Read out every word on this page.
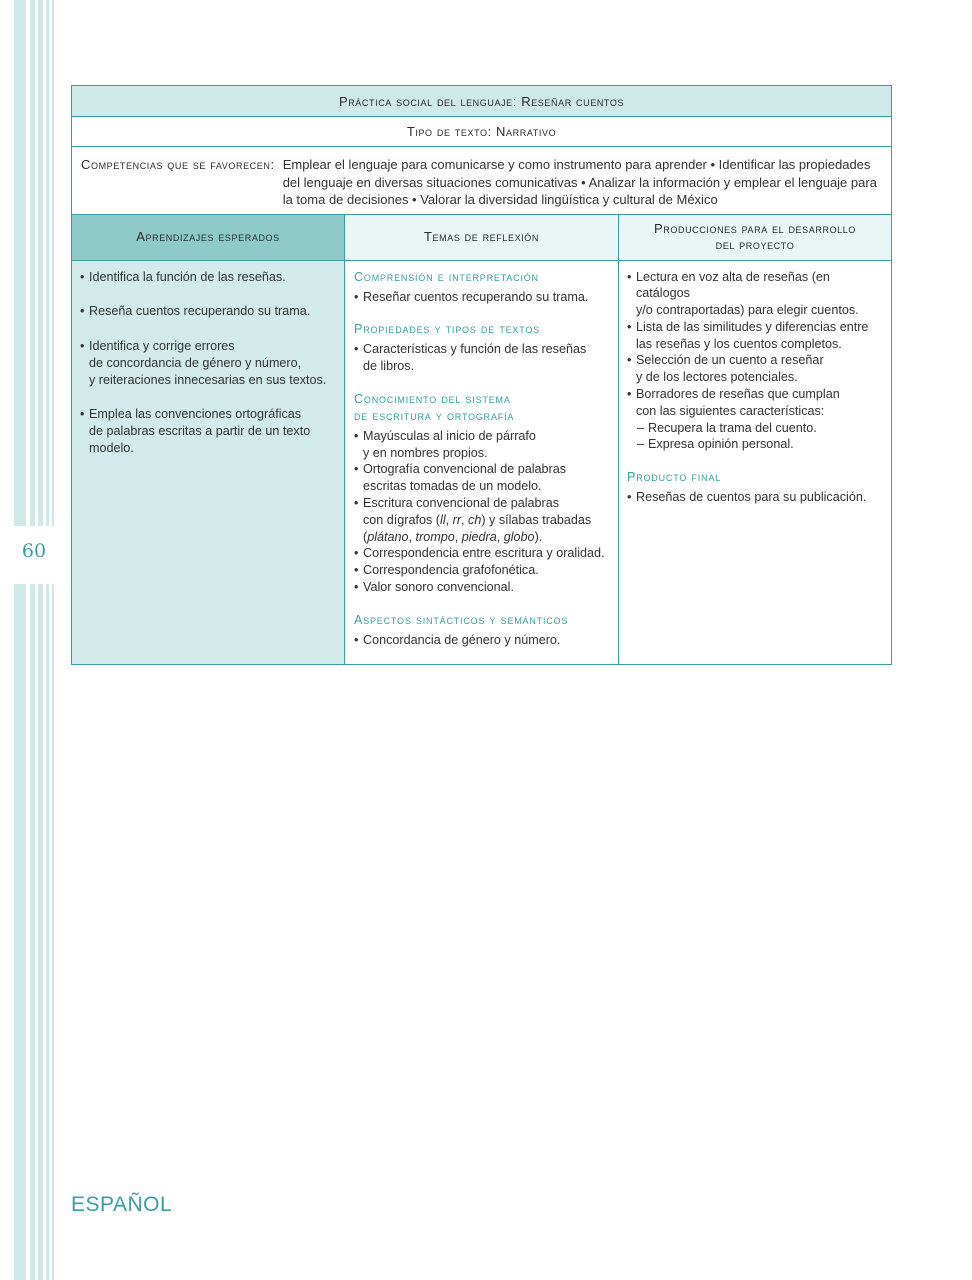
60
Práctica social del lenguaje: Reseñar cuentos
Tipo de texto: Narrativo
Competencias que se favorecen: Emplear el lenguaje para comunicarse y como instrumento para aprender • Identificar las propiedades del lenguaje en diversas situaciones comunicativas • Analizar la información y emplear el lenguaje para la toma de decisiones • Valorar la diversidad lingüística y cultural de México
Aprendizajes esperados	Temas de reflexión
Producciones para el desarrollo
del proyecto
• Identifica la función de las reseñas.
• Reseña cuentos recuperando su trama.
• Identifica y corrige errores
de concordancia de género y número,
y reiteraciones innecesarias en sus textos.
• Emplea las convenciones ortográficas
de palabras escritas a partir de un texto
modelo.
Comprensión e interpretación
• Reseñar cuentos recuperando su trama.
Propiedades y tipos de textos
• Características y función de las reseñas
de libros.
Conocimiento del sistema
de escritura y ortografía
• Mayúsculas al inicio de párrafo
y en nombres propios.
• Ortografía convencional de palabras
escritas tomadas de un modelo.
• Escritura convencional de palabras
con dígrafos (ll, rr, ch) y sílabas trabadas
(plátano, trompo, piedra, globo).
• Correspondencia entre escritura y oralidad.
• Correspondencia grafofonética.
• Valor sonoro convencional.
Aspectos sintácticos y semánticos
• Concordancia de género y número.
• Lectura en voz alta de reseñas (en catálogos
y/o contraportadas) para elegir cuentos.
• Lista de las similitudes y diferencias entre
las reseñas y los cuentos completos.
• Selección de un cuento a reseñar
y de los lectores potenciales.
• Borradores de reseñas que cumplan
con las siguientes características:
– Recupera la trama del cuento.
– Expresa opinión personal.
Producto final
• Reseñas de cuentos para su publicación.
ESPAÑOL
